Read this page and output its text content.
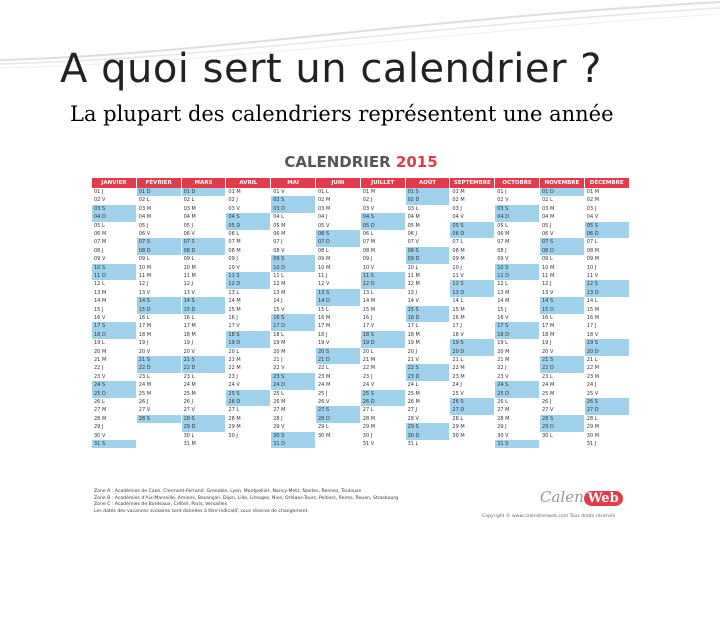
A quoi sert un calendrier ?
La plupart des calendriers représentent une année
CALENDRIER 2015
JANVIER
01 J
02 V
03 S
04 D
05 L
06 M
07 M
08 J
09 V
10 S
11 D
12 L
13 M
14 M
15 J
16 V
17 S
18 D
19 L
20 M
21 M
22 J
23 V
24 S
25 D
26 L
27 M
28 M
29 J
30 V
31 S
FÉVRIER
01 D
02 L
03 M
04 M
05 J
06 V
07 S
08 D
09 L
10 M
11 M
12 J
13 V
14 S
15 D
16 L
17 M
18 M
19 J
20 V
21 S
22 D
23 L
24 M
25 M
26 J
27 V
28 S
MARS
01 D
02 L
03 M
04 M
05 J
06 V
07 S
08 D
09 L
10 M
11 M
12 J
13 V
14 S
15 D
16 L
17 M
18 M
19 J
20 V
21 S
22 D
23 L
24 M
25 M
26 J
27 V
28 S
29 D
30 L
31 M
AVRIL
01 M
02 J
03 V
04 S
05 D
06 L
07 M
08 M
09 J
10 V
11 S
12 D
13 L
14 M
15 M
16 J
17 V
18 S
19 D
20 L
21 M
22 M
23 J
24 V
25 S
26 D
27 L
28 M
29 M
30 J
MAI
01 V
02 S
03 D
04 L
05 M
06 M
07 J
08 V
09 S
10 D
11 L
12 M
13 M
14 J
15 V
16 S
17 D
18 L
19 M
20 M
21 J
22 V
23 S
24 D
25 L
26 M
27 M
28 J
29 V
30 S
31 D
JUIN
01 L
02 M
03 M
04 J
05 V
06 S
07 D
08 L
09 M
10 M
11 J
12 V
13 S
14 D
15 L
16 M
17 M
18 J
19 V
20 S
21 D
22 L
23 M
24 M
25 J
26 V
27 S
28 D
29 L
30 M
JUILLET
01 M
02 J
03 V
04 S
05 D
06 L
07 M
08 M
09 J
10 V
11 S
12 D
13 L
14 M
15 M
16 J
17 V
18 S
19 D
20 L
21 M
22 M
23 J
24 V
25 S
26 D
27 L
28 M
29 M
30 J
31 V
AOÛT
01 S
02 D
03 L
04 M
05 M
06 J
07 V
08 S
09 D
10 L
11 M
12 M
13 J
14 V
15 S
16 D
17 L
18 M
19 M
20 J
21 V
22 S
23 D
24 L
25 M
26 M
27 J
28 V
29 S
30 D
31 L
SEPTEMBRE
01 M
02 M
03 J
04 V
05 S
06 D
07 L
08 M
09 M
10 J
11 V
12 S
13 D
14 L
15 M
16 M
17 J
18 V
19 S
20 D
21 L
22 M
23 M
24 J
25 V
26 S
27 D
28 L
29 M
30 M
OCTOBRE
01 J
02 V
03 S
04 D
05 L
06 M
07 M
08 J
09 V
10 S
11 D
12 L
13 M
14 M
15 J
16 V
17 S
18 D
19 L
20 M
21 M
22 J
23 V
24 S
25 D
26 L
27 M
28 M
29 J
30 V
31 S
NOVEMBRE
01 D
02 L
03 M
04 M
05 J
06 V
07 S
08 D
09 L
10 M
11 M
12 J
13 V
14 S
15 D
16 L
17 M
18 M
19 J
20 V
21 S
22 D
23 L
24 M
25 M
26 J
27 V
28 S
29 D
30 L
DÉCEMBRE
01 M
02 M
03 J
04 V
05 S
06 D
07 L
08 M
09 M
10 J
11 V
12 S
13 D
14 L
15 M
16 M
17 J
18 V
19 S
20 D
21 L
22 M
23 M
24 J
25 V
26 S
27 D
28 L
29 M
30 M
31 J
Zone A : Académies de Caen, Clermont-Ferrand, Grenoble, Lyon, Montpellier, Nancy-Metz, Nantes, Rennes, Toulouse
Zone B : Académies d'Aix-Marseille, Amiens, Besançon, Dijon, Lille, Limoges, Nice, Orléans-Tours, Poitiers, Reims, Rouen, Strasbourg
Zone C : Académies de Bordeaux, Créteil, Paris, Versailles
Les dates des vacances scolaires sont données à titre indicatif, sous réserve de changement.
Calen Web
Copyright © www.calendrierweb.com Tous droits réservés
